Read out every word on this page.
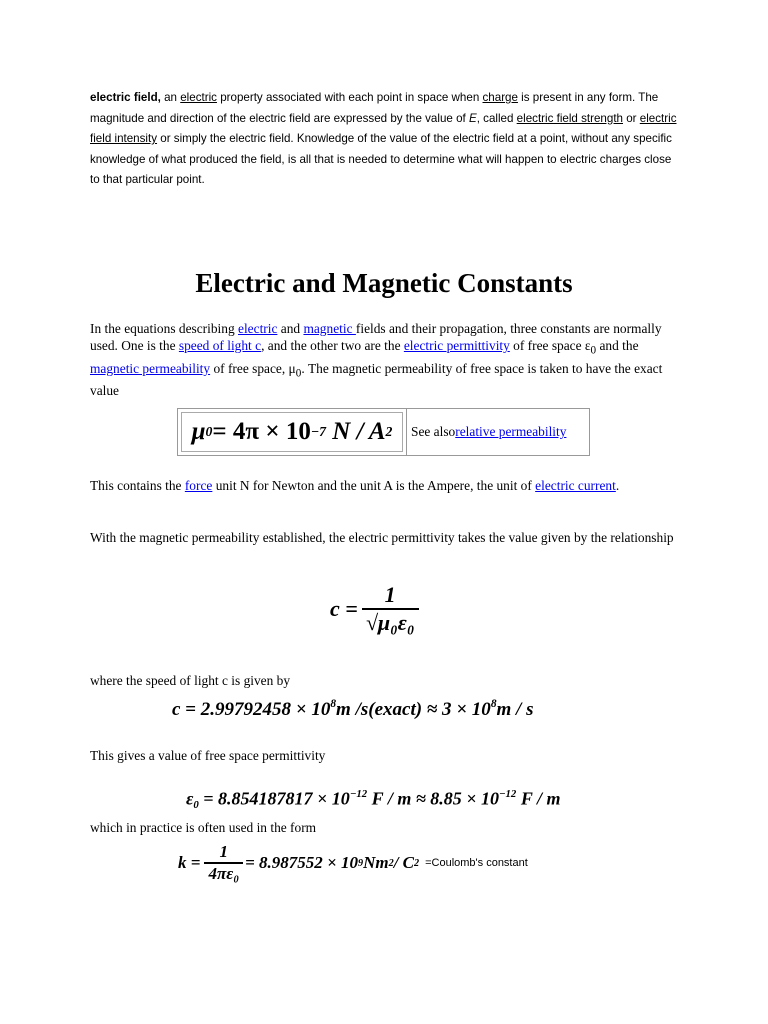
electric field, an electric property associated with each point in space when charge is present in any form. The magnitude and direction of the electric field are expressed by the value of E, called electric field strength or electric field intensity or simply the electric field. Knowledge of the value of the electric field at a point, without any specific knowledge of what produced the field, is all that is needed to determine what will happen to electric charges close to that particular point.
Electric and Magnetic Constants
In the equations describing electric and magnetic fields and their propagation, three constants are normally used. One is the speed of light c, and the other two are the electric permittivity of free space $\varepsilon_0$ and the magnetic permeability of free space, $\mu_0$. The magnetic permeability of free space is taken to have the exact value
μ 0 = 4π × 10 −7
N / A 2 See also relative permeability
This contains the force unit N for Newton and the unit A is the Ampere, the unit of electric current.
With the magnetic permeability established, the electric permittivity takes the value given by the relationship
$c = \frac{1}{\text{√μ₀ε₀}}$
where the speed of light c is given by
$c = 2.99792458 \times 10^8m$ /s(exact) ≈ $3 \times 10^8m / s$
This gives a value of free space permittivity
$\varepsilon_0 = 8.854187817 \times 10^{-12}$ $F / m \approx 8.85 \times 10^{-12}$ F / m
which in practice is often used in the form
$k = \frac{1}{\text{4πε₀}} = 8.987552 \times 10$ 9 Nm 2 / C 2 =Coulomb's constant
